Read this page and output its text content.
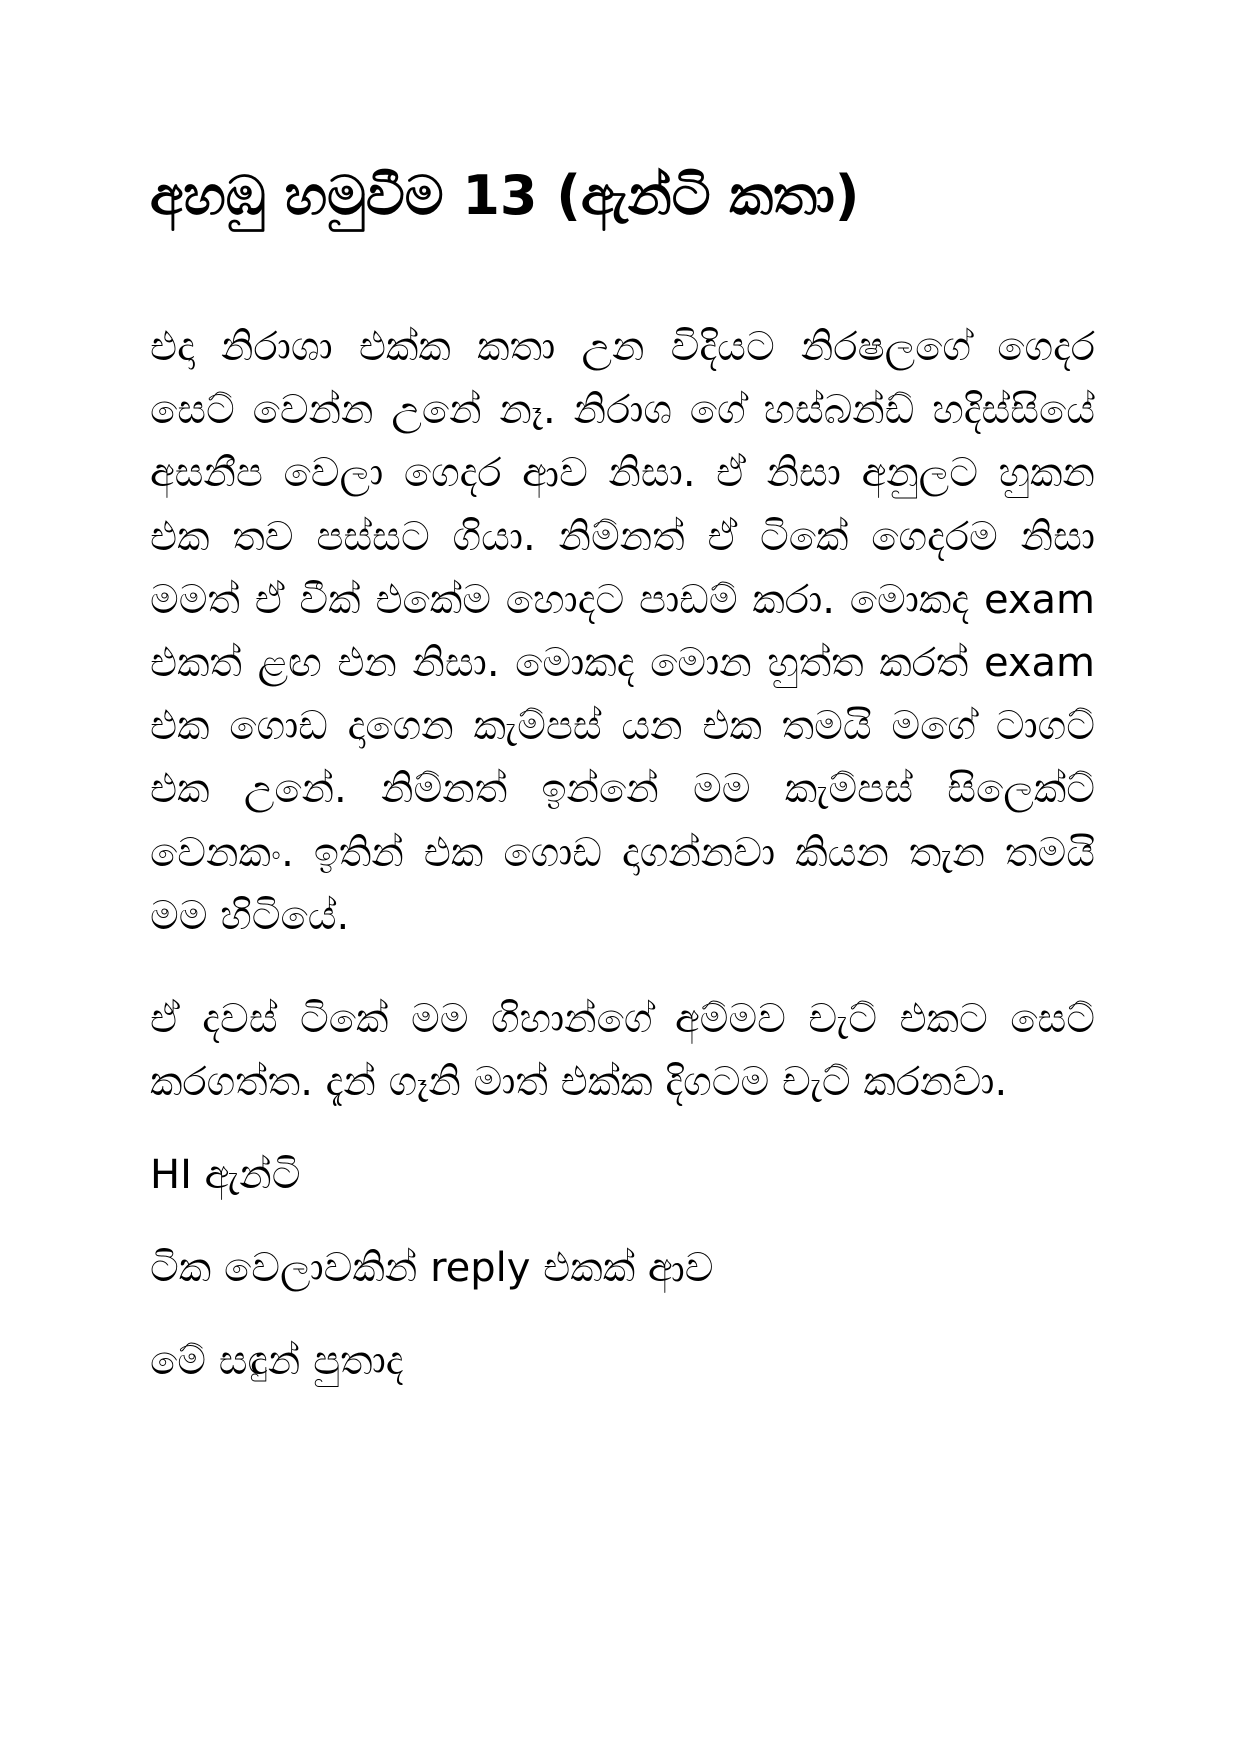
අහඹු හමුවීම 13 (ඇන්ටි කතා)

එදා නිරාශා එක්ක කතා උන විදියට නිරෂලගේ ගෙදර සෙට් වෙන්න උනේ නෑ. නිරාශ ගේ හස්බන්ඩ් හදිස්සියේ අසනීප වෙලා ගෙදර ආව නිසා. ඒ නිසා අනුලට හුකන එක තව පස්සට ගියා. නිම්නත් ඒ ටිකේ ගෙදරම නිසා මමත් ඒ වීක් එකේම හොදට පාඩම් කරා. මොකද exam එකත් ළඟ එන නිසා. මොකද මොන හුත්ත කරත් exam එක ගොඩ දාගෙන කැම්පස් යන එක තමයි මගේ ටාගට් එක උනේ. නිම්නත් ඉන්නේ මම කැම්පස් සිලෙක්ට් වෙනකං. ඉතින් එක ගොඩ දාගන්නවා කියන තැන තමයි මම හිටියේ.

ඒ දවස් ටිකේ මම ගිහාන්ගේ අම්මව චැට් එකට සෙට් කරගත්ත. දැන් ගෑනි මාත් එක්ක දිගටම චැට් කරනවා.

HI ඇන්ටි

ටික වෙලාවකින් reply එකක් ආව

මේ සඳුන් පුතාද
